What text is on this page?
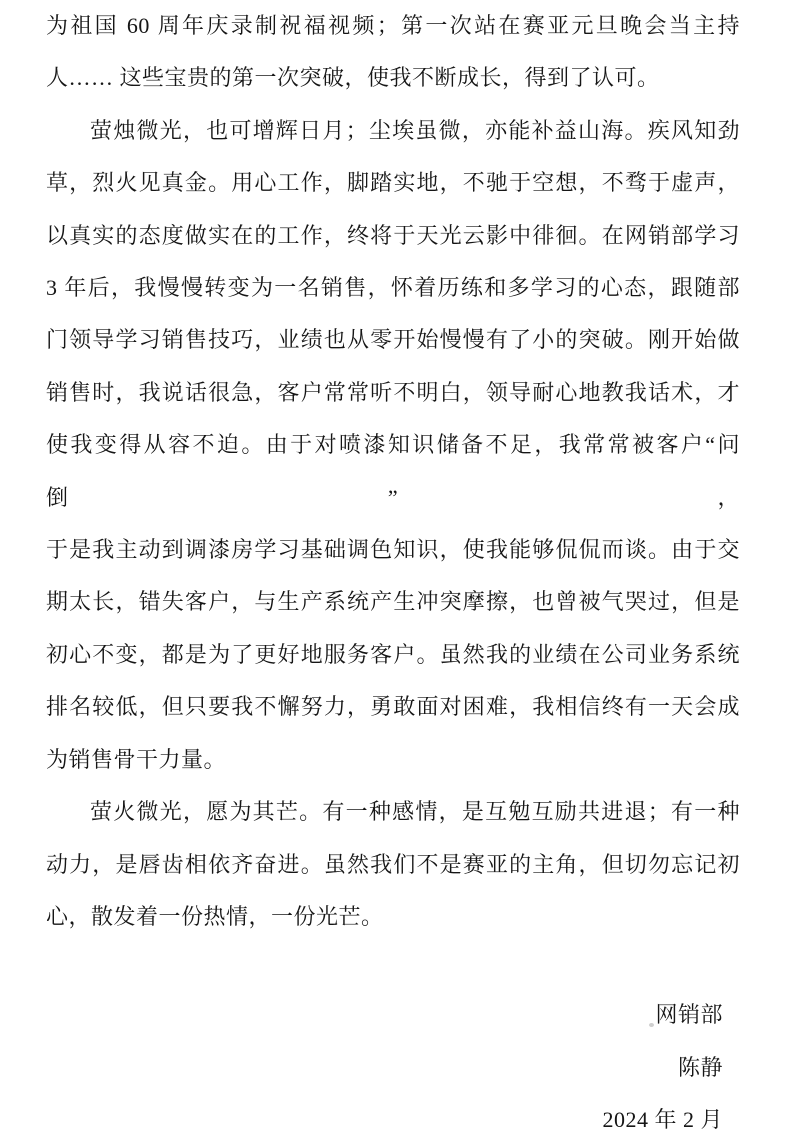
为祖国 60 周年庆录制祝福视频；第一次站在赛亚元旦晚会当主持
人…… 这些宝贵的第一次突破，使我不断成长，得到了认可。
萤烛微光，也可增辉日月；尘埃虽微，亦能补益山海。疾风知劲
草，烈火见真金。用心工作，脚踏实地，不驰于空想，不骛于虚声，
以真实的态度做实在的工作，终将于天光云影中徘徊。在网销部学习
3 年后，我慢慢转变为一名销售，怀着历练和多学习的心态，跟随部
门领导学习销售技巧，业绩也从零开始慢慢有了小的突破。刚开始做
销售时，我说话很急，客户常常听不明白，领导耐心地教我话术，才
使我变得从容不迫。由于对喷漆知识储备不足，我常常被客户“问倒”，
于是我主动到调漆房学习基础调色知识，使我能够侃侃而谈。由于交
期太长，错失客户，与生产系统产生冲突摩擦，也曾被气哭过，但是
初心不变，都是为了更好地服务客户。虽然我的业绩在公司业务系统
排名较低，但只要我不懈努力，勇敢面对困难，我相信终有一天会成
为销售骨干力量。
萤火微光，愿为其芒。有一种感情，是互勉互励共进退；有一种
动力，是唇齿相依齐奋进。虽然我们不是赛亚的主角，但切勿忘记初
心，散发着一份热情，一份光芒。
网销部
陈静
2024 年 2 月
